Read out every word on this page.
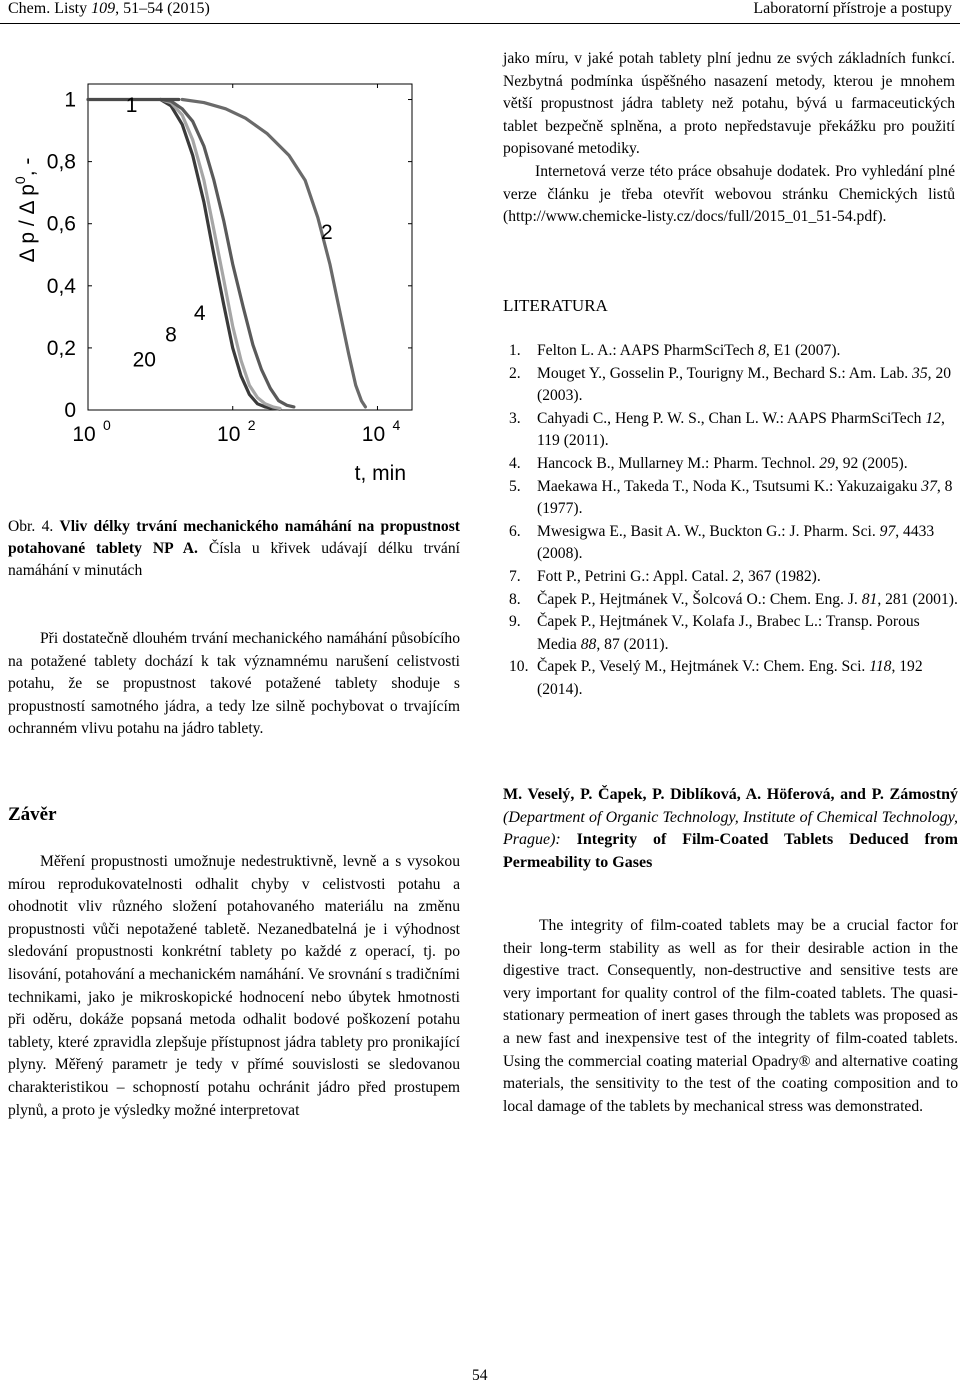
Chem. Listy 109, 51–54 (2015)	Laboratorní přístroje a postupy
0
0,2
0,4
0,6
0,8
1
10 0	10 2	10 4
t, min
Δ p / Δ $p^0$, -
1
2
4
8
20
Obr. 4. Vliv délky trvání mechanického namáhání na propustnost potahované tablety NP A. Čísla u křivek udávají délku trvání namáhání v minutách

Při dostatečně dlouhém trvání mechanického namáhání působícího na potažené tablety dochází k tak významnému narušení celistvosti potahu, že se propustnost takové potažené tablety shoduje s propustností samotného jádra, a tedy lze silně pochybovat o trvajícím ochranném vlivu potahu na jádro tablety.

Závěr

Měření propustnosti umožnuje nedestruktivně, levně a s vysokou mírou reprodukovatelnosti odhalit chyby v celistvosti potahu a ohodnotit vliv různého složení potahovaného materiálu na změnu propustnosti vůči nepotažené tabletě. Nezanedbatelná je i výhodnost sledování propustnosti konkrétní tablety po každé z operací, tj. po lisování, potahování a mechanickém namáhání. Ve srovnání s tradičními technikami, jako je mikroskopické hodnocení nebo úbytek hmotnosti při oděru, dokáže popsaná metoda odhalit bodové poškození potahu tablety, které zpravidla zlepšuje přístupnost jádra tablety pro pronikající plyny. Měřený parametr je tedy v přímé souvislosti se sledovanou charakteristikou – schopností potahu ochránit jádro před prostupem plynů, a proto je výsledky možné interpretovat

jako míru, v jaké potah tablety plní jednu ze svých základních funkcí. Nezbytná podmínka úspěšného nasazení metody, kterou je mnohem větší propustnost jádra tablety než potahu, bývá u farmaceutických tablet bezpečně splněna, a proto nepředstavuje překážku pro použití popisované metodiky.

Internetová verze této práce obsahuje dodatek. Pro vyhledání plné verze článku je třeba otevřít webovou stránku Chemických listů (http://www.chemicke-listy.cz/docs/full/2015_01_51-54.pdf).

LITERATURA
1.	Felton L. A.: AAPS PharmSciTech 8, E1 (2007).
2.	Mouget Y., Gosselin P., Tourigny M., Bechard S.: Am. Lab. 35, 20 (2003).
3.	Cahyadi C., Heng P. W. S., Chan L. W.: AAPS PharmSciTech 12, 119 (2011).
4.	Hancock B., Mullarney M.: Pharm. Technol. 29, 92 (2005).
5.	Maekawa H., Takeda T., Noda K., Tsutsumi K.: Yakuzaigaku 37, 8 (1977).
6.	Mwesigwa E., Basit A. W., Buckton G.: J. Pharm. Sci. 97, 4433 (2008).
7.	Fott P., Petrini G.: Appl. Catal. 2, 367 (1982).
8.	Čapek P., Hejtmánek V., Šolcová O.: Chem. Eng. J. 81, 281 (2001).
9.	Čapek P., Hejtmánek V., Kolafa J., Brabec L.: Transp. Porous Media 88, 87 (2011).
10. Čapek P., Veselý M., Hejtmánek V.: Chem. Eng. Sci. 118, 192 (2014).
M. Veselý, P. Čapek, P. Diblíková, A. Höferová, and P. Zámostný (Department of Organic Technology, Institute of Chemical Technology, Prague): Integrity of Film-Coated Tablets Deduced from Permeability to Gases
The integrity of film-coated tablets may be a crucial factor for their long-term stability as well as for their desirable action in the digestive tract. Consequently, non-destructive and sensitive tests are very important for quality control of the film-coated tablets. The quasi- stationary permeation of inert gases through the tablets was proposed as a new fast and inexpensive test of the integrity of film-coated tablets. Using the commercial coating material Opadry® and alternative coating materials, the sensitivity to the test of the coating composition and to local damage of the tablets by mechanical stress was demonstrated.
54
